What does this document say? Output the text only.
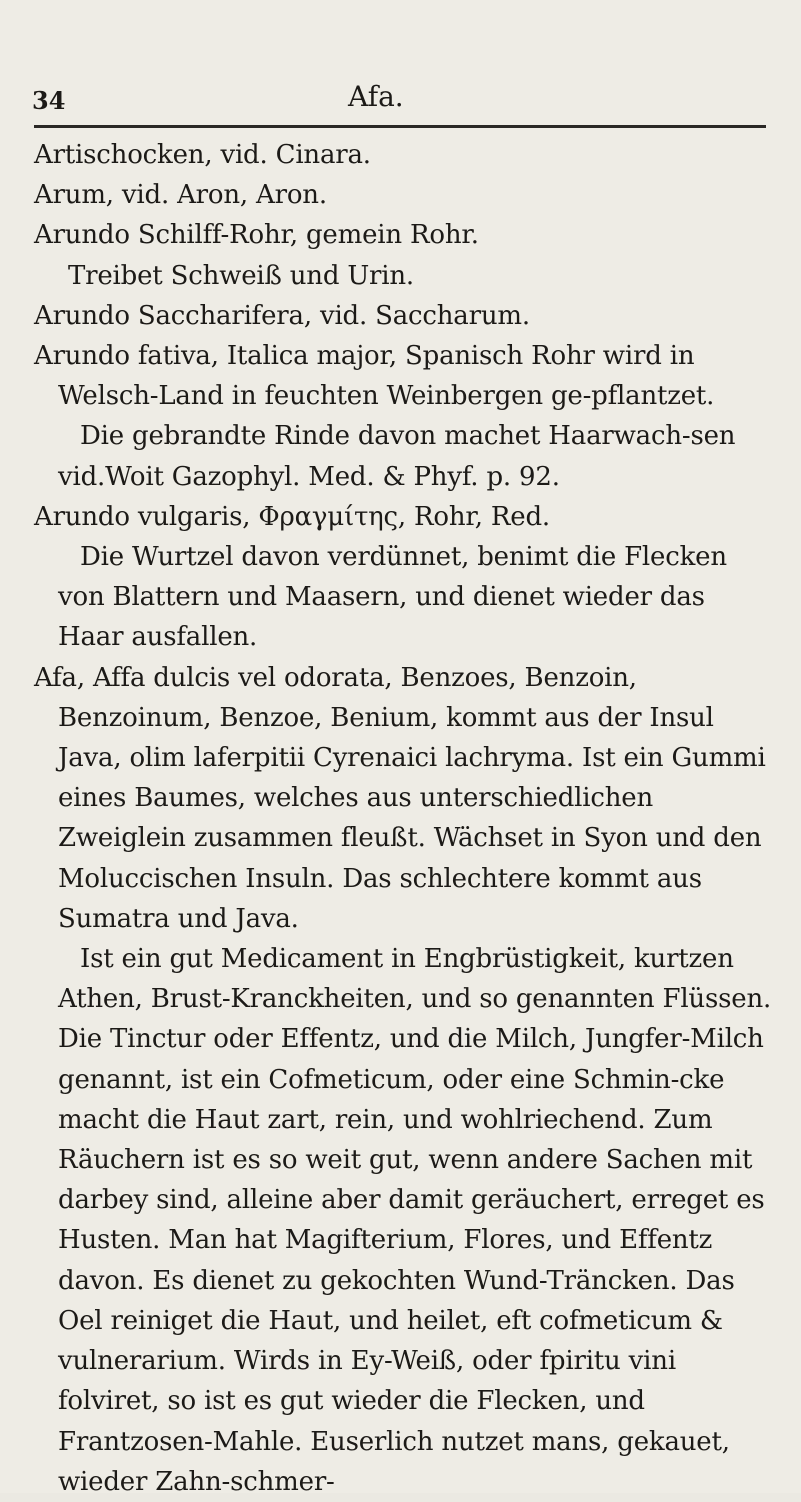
34	Afa.

Artischocken, vid. Cinara.

Arum, vid. Aron, Aron.

Arundo Schilff-Rohr, gemein Rohr.

Treibet Schweiß und Urin.

Arundo Saccharifera, vid. Saccharum.

Arundo fativa, Italica major, Spanisch Rohr wird in Welsch-Land in feuchten Weinbergen ge-pflantzet.

Die gebrandte Rinde davon machet Haarwach-sen vid.Woit Gazophyl. Med. & Phyf. p. 92.

Arundo vulgaris, Φραγμίτης, Rohr, Red.

Die Wurtzel davon verdünnet, benimt die Flecken von Blattern und Maasern, und dienet wieder das Haar ausfallen.

Afa, Affa dulcis vel odorata, Benzoes, Benzoin, Benzoinum, Benzoe, Benium, kommt aus der Insul Java, olim laferpitii Cyrenaici lachryma. Ist ein Gummi eines Baumes, welches aus unterschiedlichen Zweiglein zusammen fleußt. Wächset in Syon und den Moluccischen Insuln. Das schlechtere kommt aus Sumatra und Java.

Ist ein gut Medicament in Engbrüstigkeit, kurtzen Athen, Brust-Kranckheiten, und so genannten Flüssen. Die Tinctur oder Effentz, und die Milch, Jungfer-Milch genannt, ist ein Cofmeticum, oder eine Schmin-cke macht die Haut zart, rein, und wohlriechend. Zum Räuchern ist es so weit gut, wenn andere Sachen mit darbey sind, alleine aber damit geräuchert, erreget es Husten. Man hat Magifterium, Flores, und Effentz davon. Es dienet zu gekochten Wund-Träncken. Das Oel reiniget die Haut, und heilet, eft cofmeticum & vulnerarium. Wirds in Ey-Weiß, oder fpiritu vini folviret, so ist es gut wieder die Flecken, und Frantzosen-Mahle. Euserlich nutzet mans, gekauet, wieder Zahn-schmer-
